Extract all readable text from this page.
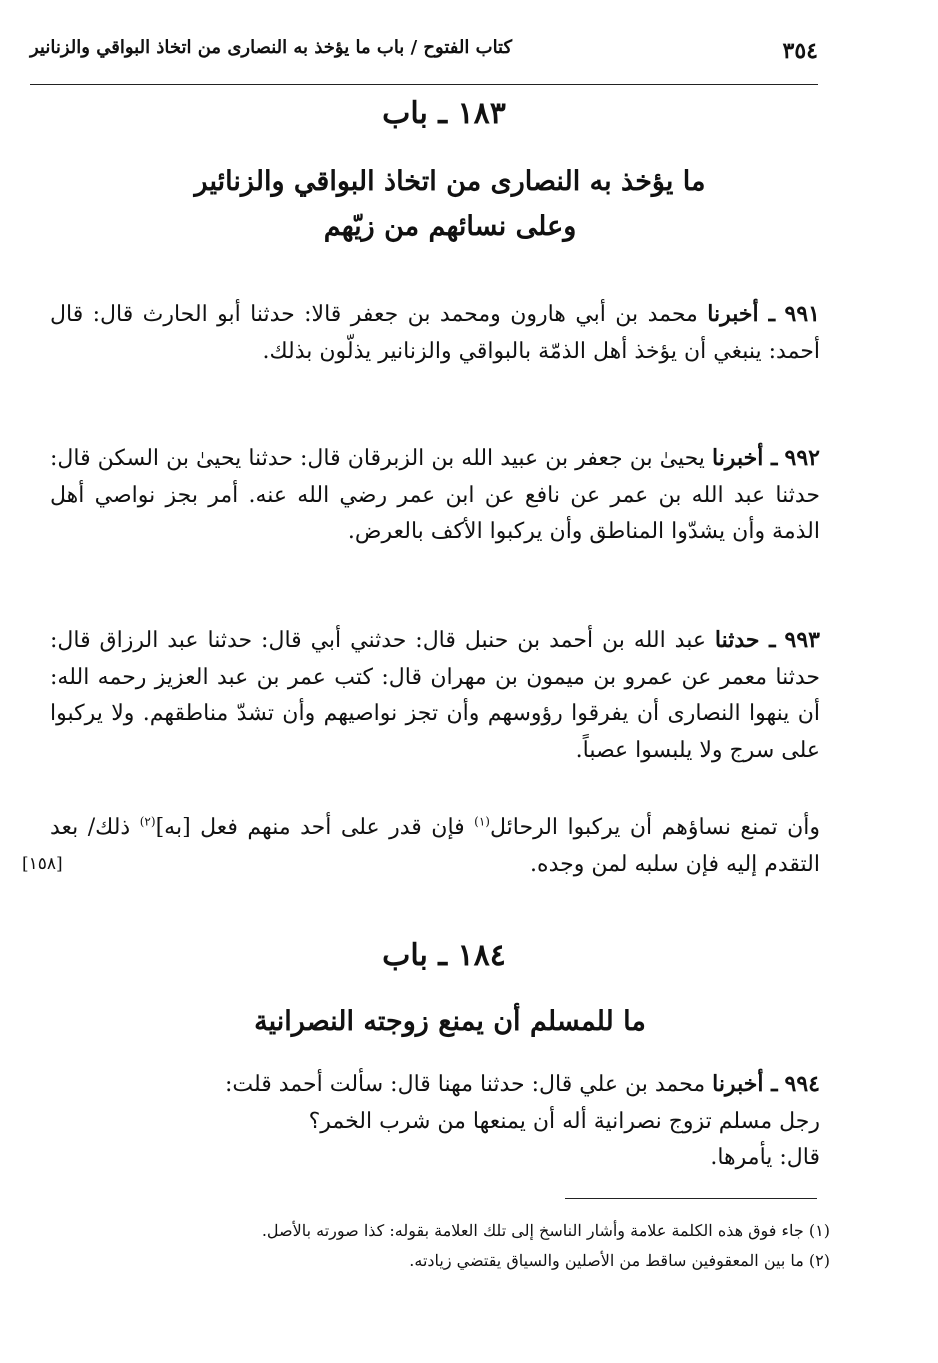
٣٥٤
كتاب الفتوح / باب ما يؤخذ به النصارى من اتخاذ البواقي والزنانير
١٨٣ ـ باب
ما يؤخذ به النصارى من اتخاذ البواقي والزنائير
وعلى نسائهم من زيّهم
٩٩١ ـ أخبرنا محمد بن أبي هارون ومحمد بن جعفر قالا: حدثنا أبو الحارث قال: قال أحمد: ينبغي أن يؤخذ أهل الذمّة بالبواقي والزنانير يذلّون بذلك.
٩٩٢ ـ أخبرنا يحيىٰ بن جعفر بن عبيد الله بن الزبرقان قال: حدثنا يحيىٰ بن السكن قال: حدثنا عبد الله بن عمر عن نافع عن ابن عمر رضي الله عنه. أمر بجز نواصي أهل الذمة وأن يشدّوا المناطق وأن يركبوا الأكف بالعرض.
٩٩٣ ـ حدثنا عبد الله بن أحمد بن حنبل قال: حدثني أبي قال: حدثنا عبد الرزاق قال: حدثنا معمر عن عمرو بن ميمون بن مهران قال: كتب عمر بن عبد العزيز رحمه الله: أن ينهوا النصارى أن يفرقوا رؤوسهم وأن تجز نواصيهم وأن تشدّ مناطقهم. ولا يركبوا على سرج ولا يلبسوا عصباً.
وأن تمنع نساؤهم أن يركبوا الرحائل$^{(١)}$ فإن قدر على أحد منهم فعل [به]$^{(٢)}$ ذلك/ بعد التقدم إليه فإن سلبه لمن وجده.
[١٥٨]
١٨٤ ـ باب
ما للمسلم أن يمنع زوجته النصرانية
٩٩٤ ـ أخبرنا محمد بن علي قال: حدثنا مهنا قال: سألت أحمد قلت:
رجل مسلم تزوج نصرانية أله أن يمنعها من شرب الخمر؟
قال: يأمرها.
(١) جاء فوق هذه الكلمة علامة وأشار الناسخ إلى تلك العلامة بقوله: كذا صورته بالأصل.
(٢) ما بين المعقوفين ساقط من الأصلين والسياق يقتضي زيادته.
